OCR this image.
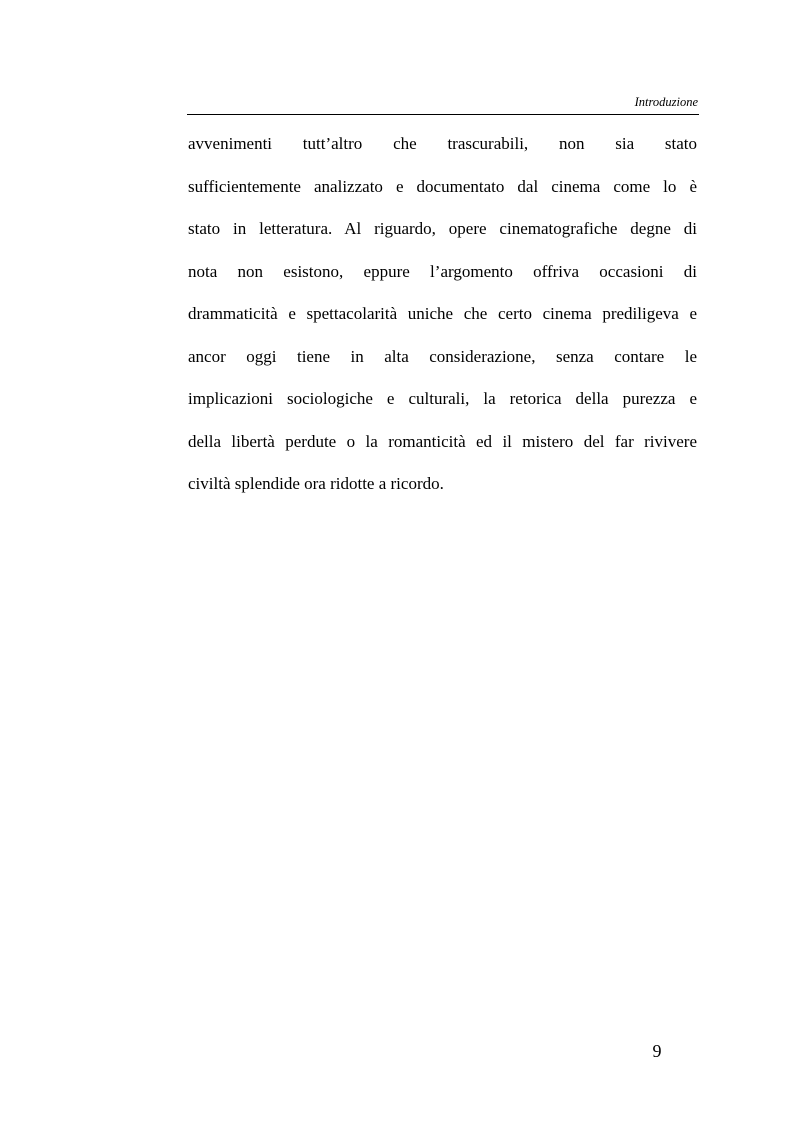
Introduzione
avvenimenti tutt’altro che trascurabili, non sia stato
sufficientemente analizzato e documentato dal cinema come lo è
stato in letteratura. Al riguardo, opere cinematografiche degne di
nota non esistono, eppure l’argomento offriva occasioni di
drammaticità e spettacolarità uniche che certo cinema prediligeva e
ancor oggi tiene in alta considerazione, senza contare le
implicazioni sociologiche e culturali, la retorica della purezza e
della libertà perdute o la romanticità ed il mistero del far rivivere
civiltà splendide ora ridotte a ricordo.
9
